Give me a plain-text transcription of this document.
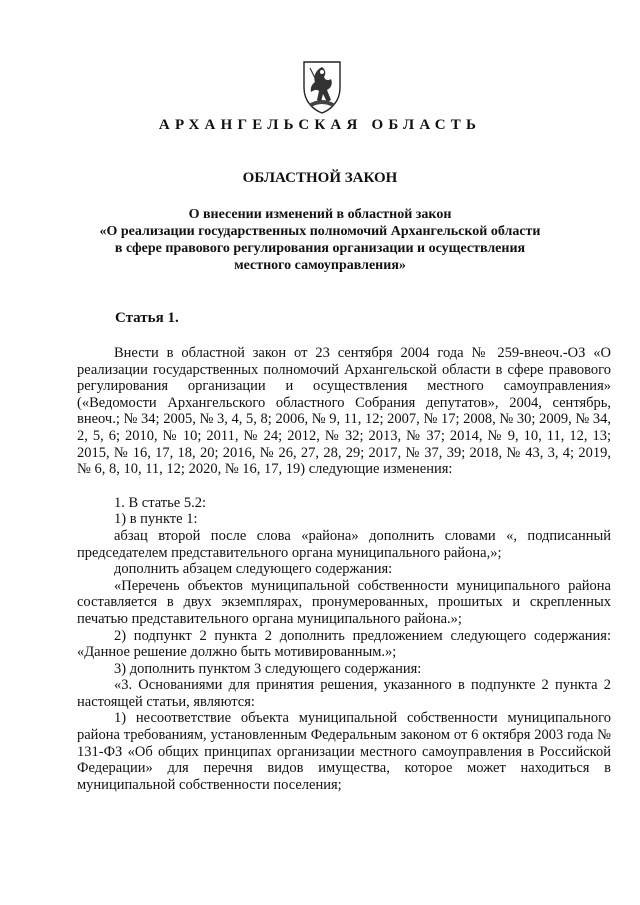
АРХАНГЕЛЬСКАЯ ОБЛАСТЬ
ОБЛАСТНОЙ ЗАКОН
О внесении изменений в областной закон
«О реализации государственных полномочий Архангельской области
в сфере правового регулирования организации и осуществления
местного самоуправления»
Статья 1.

Внести в областной закон от 23 сентября 2004 года № 259-внеоч.-ОЗ «О реализации государственных полномочий Архангельской области в сфере правового регулирования организации и осуществления местного самоуправления» («Ведомости Архангельского областного Собрания депутатов», 2004, сентябрь, внеоч.; № 34; 2005, № 3, 4, 5, 8; 2006, № 9, 11, 12; 2007, № 17; 2008, № 30; 2009, № 34, 2, 5, 6; 2010, № 10; 2011, № 24; 2012, № 32; 2013, № 37; 2014, № 9, 10, 11, 12, 13; 2015, № 16, 17, 18, 20; 2016, № 26, 27, 28, 29; 2017, № 37, 39; 2018, № 43, 3, 4; 2019, № 6, 8, 10, 11, 12; 2020, № 16, 17, 19) следующие изменения:

1. В статье 5.2:

1) в пункте 1:

абзац второй после слова «района» дополнить словами «, подписанный председателем представительного органа муниципального района,»;

дополнить абзацем следующего содержания:

«Перечень объектов муниципальной собственности муниципального района составляется в двух экземплярах, пронумерованных, прошитых и скрепленных печатью представительного органа муниципального района.»;

2) подпункт 2 пункта 2 дополнить предложением следующего содержания: «Данное решение должно быть мотивированным.»;

3) дополнить пунктом 3 следующего содержания:

«3. Основаниями для принятия решения, указанного в подпункте 2 пункта 2 настоящей статьи, являются:

1) несоответствие объекта муниципальной собственности муниципального района требованиям, установленным Федеральным законом от 6 октября 2003 года № 131-ФЗ «Об общих принципах организации местного самоуправления в Российской Федерации» для перечня видов имущества, которое может находиться в муниципальной собственности поселения;
